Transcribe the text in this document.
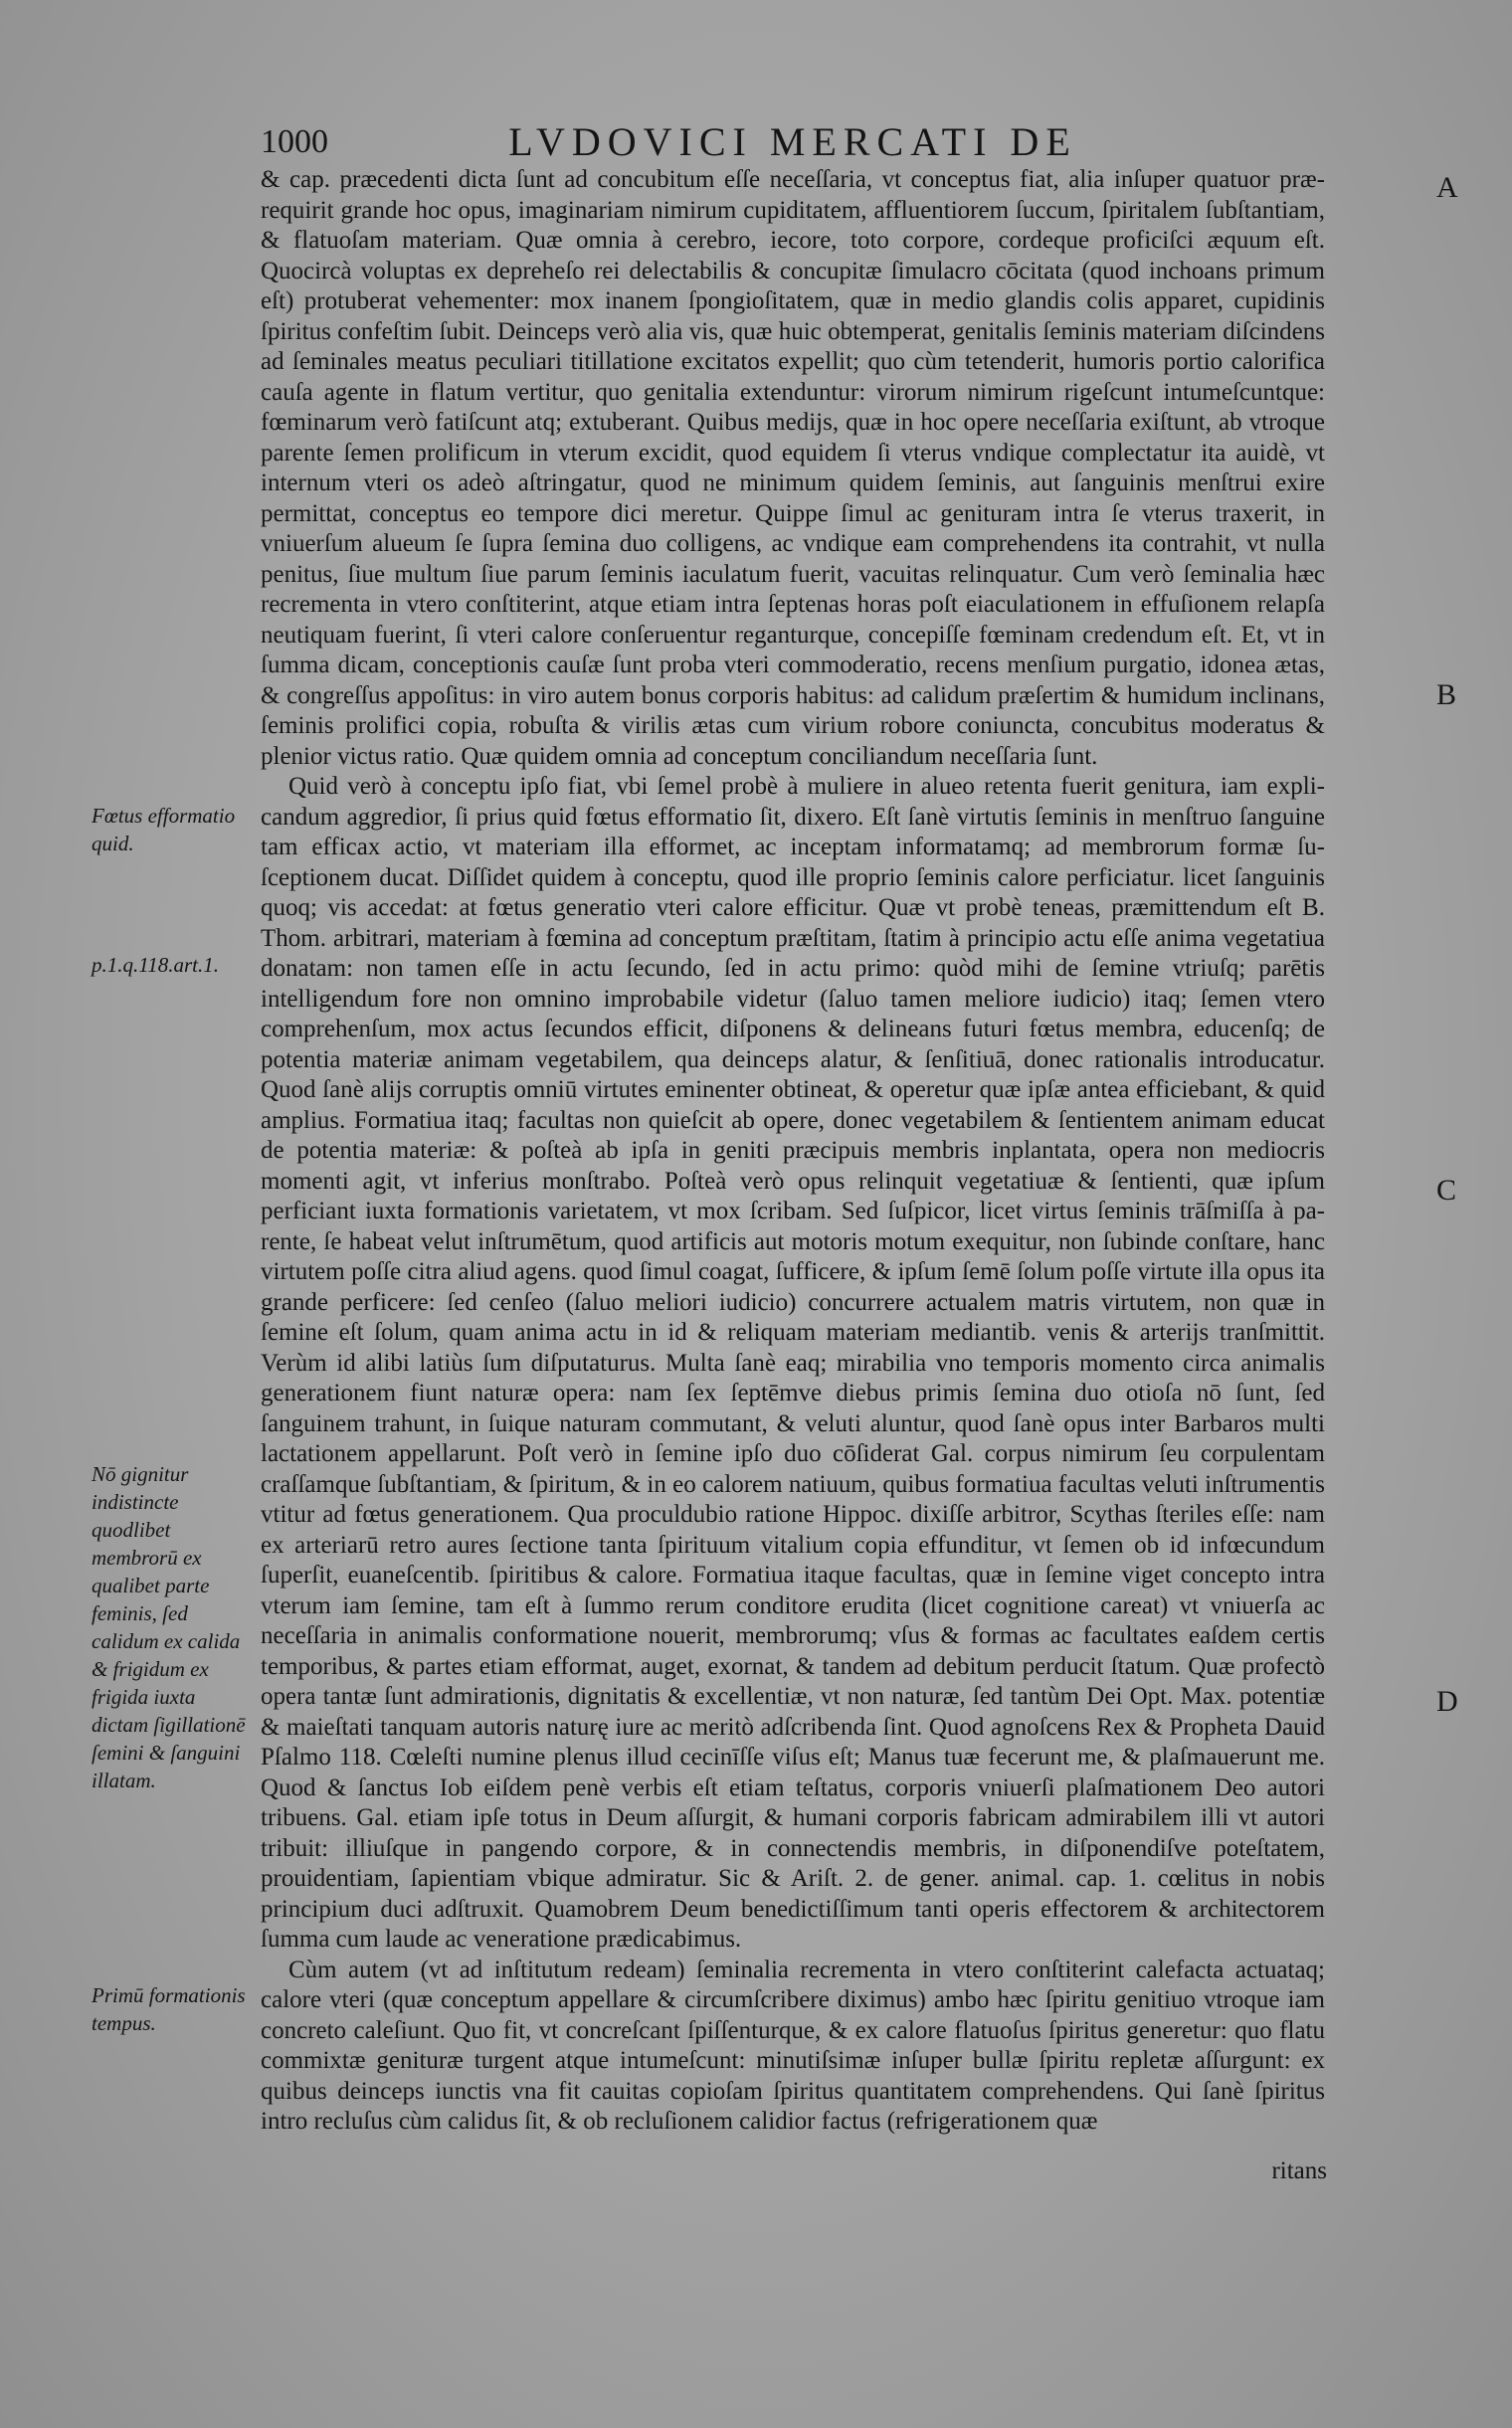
1000	LVDOVICI MERCATI DE
Fœtus efformatio quid.
p.1.q.118.art.1.
Nō gignitur indistincte quodlibet membrorū ex qualibet parte feminis, ſed calidum ex calida & frigidum ex frigida iuxta dictam ſigillationē ſemini & ſanguini illatam.
Primū formationis tempus.
A
B
C
D

& cap. præcedenti dicta ſunt ad concubitum eſſe neceſſaria, vt conceptus fiat, alia inſuper quatuor prærequirit grande hoc opus, imaginariam nimirum cupiditatem, affluentiorem ſuccum, ſpiritalem ſubſtantiam, & flatuoſam materiam. Quæ omnia à cerebro, iecore, toto corpore, cordeque proficiſci æquum eſt. Quocircà voluptas ex depreheſo rei delectabilis & concupitæ ſimulacro cōcitata (quod inchoans primum eſt) protuberat vehementer: mox inanem ſpongioſitatem, quæ in medio glandis colis apparet, cupidinis ſpiritus confeſtim ſubit. Deinceps verò alia vis, quæ huic obtemperat, genitalis ſeminis materiam diſcindens ad ſeminales meatus peculiari titillatione excitatos expellit; quo cùm tetenderit, humoris portio calorifica cauſa agente in flatum vertitur, quo genitalia extenduntur: virorum nimirum rigeſcunt intumeſcuntque: fœminarum verò fatiſcunt atq; extuberant. Quibus medijs, quæ in hoc opere neceſſaria exiſtunt, ab vtroque parente ſemen prolificum in vterum excidit, quod equidem ſi vterus vndique complectatur ita auidè, vt internum vteri os adeò aſtringatur, quod ne minimum quidem ſeminis, aut ſanguinis menſtrui exire permittat, conceptus eo tempore dici meretur. Quippe ſimul ac genituram intra ſe vterus traxerit, in vniuerſum alueum ſe ſupra ſemina duo colligens, ac vndique eam comprehendens ita contrahit, vt nulla penitus, ſiue multum ſiue parum ſeminis iaculatum fuerit, vacuitas relinquatur. Cum verò ſeminalia hæc recrementa in vtero conſtiterint, atque etiam intra ſeptenas horas poſt eiaculationem in effuſionem relapſa neutiquam fuerint, ſi vteri calore conſeruentur reganturque, concepiſſe fœminam credendum eſt. Et, vt in ſumma dicam, conceptionis cauſæ ſunt proba vteri commoderatio, recens menſium purgatio, idonea ætas, & congreſſus appoſitus: in viro autem bonus corporis habitus: ad calidum præſertim & humidum inclinans, ſeminis prolifici copia, robuſta & virilis ætas cum virium robore coniuncta, concubitus moderatus & plenior victus ratio. Quæ quidem omnia ad conceptum conciliandum neceſſaria ſunt.

Quid verò à conceptu ipſo fiat, vbi ſemel probè à muliere in alueo retenta fuerit genitura, iam explicandum aggredior, ſi prius quid fœtus efformatio ſit, dixero. Eſt ſanè virtutis ſeminis in menſtruo ſanguine tam efficax actio, vt materiam illa efformet, ac inceptam informatamq; ad membrorum formæ ſuſceptionem ducat. Diſſidet quidem à conceptu, quod ille proprio ſeminis calore perficiatur. licet ſanguinis quoq; vis accedat: at fœtus generatio vteri calore efficitur. Quæ vt probè teneas, præmittendum eſt B. Thom. arbitrari, materiam à fœmina ad conceptum præſtitam, ſtatim à principio actu eſſe anima vegetatiua donatam: non tamen eſſe in actu ſecundo, ſed in actu primo: quòd mihi de ſemine vtriuſq; parētis intelligendum fore non omnino improbabile videtur (ſaluo tamen meliore iudicio) itaq; ſemen vtero comprehenſum, mox actus ſecundos efficit, diſponens & delineans futuri fœtus membra, educenſq; de potentia materiæ animam vegetabilem, qua deinceps alatur, & ſenſitiuā, donec rationalis introducatur. Quod ſanè alijs corruptis omniū virtutes eminenter obtineat, & operetur quæ ipſæ antea efficiebant, & quid amplius. Formatiua itaq; facultas non quieſcit ab opere, donec vegetabilem & ſentientem animam educat de potentia materiæ: & poſteà ab ipſa in geniti præcipuis membris inplantata, opera non mediocris momenti agit, vt inferius monſtrabo. Poſteà verò opus relinquit vegetatiuæ & ſentienti, quæ ipſum perficiant iuxta formationis varietatem, vt mox ſcribam. Sed ſuſpicor, licet virtus ſeminis trāſmiſſa à parente, ſe habeat velut inſtrumētum, quod artificis aut motoris motum exequitur, non ſubinde conſtare, hanc virtutem poſſe citra aliud agens. quod ſimul coagat, ſufficere, & ipſum ſemē ſolum poſſe virtute illa opus ita grande perficere: ſed cenſeo (ſaluo meliori iudicio) concurrere actualem matris virtutem, non quæ in ſemine eſt ſolum, quam anima actu in id & reliquam materiam mediantib. venis & arterijs tranſmittit. Verùm id alibi latiùs ſum diſputaturus. Multa ſanè eaq; mirabilia vno temporis momento circa animalis generationem fiunt naturæ opera: nam ſex ſeptēmve diebus primis ſemina duo otioſa nō ſunt, ſed ſanguinem trahunt, in ſuique naturam commutant, & veluti aluntur, quod ſanè opus inter Barbaros multi lactationem appellarunt. Poſt verò in ſemine ipſo duo cōſiderat Gal. corpus nimirum ſeu corpulentam craſſamque ſubſtantiam, & ſpiritum, & in eo calorem natiuum, quibus formatiua facultas veluti inſtrumentis vtitur ad fœtus generationem. Qua proculdubio ratione Hippoc. dixiſſe arbitror, Scythas ſteriles eſſe: nam ex arteriarū retro aures ſectione tanta ſpirituum vitalium copia effunditur, vt ſemen ob id infœcundum ſuperſit, euaneſcentib. ſpiritibus & calore. Formatiua itaque facultas, quæ in ſemine viget concepto intra vterum iam ſemine, tam eſt à ſummo rerum conditore erudita (licet cognitione careat) vt vniuerſa ac neceſſaria in animalis conformatione nouerit, membrorumq; vſus & formas ac facultates eaſdem certis temporibus, & partes etiam efformat, auget, exornat, & tandem ad debitum perducit ſtatum. Quæ profectò opera tantæ ſunt admirationis, dignitatis & excellentiæ, vt non naturæ, ſed tantùm Dei Opt. Max. potentiæ & maieſtati tanquam autoris naturę iure ac meritò adſcribenda ſint. Quod agnoſcens Rex & Propheta Dauid Pſalmo 118. Cœleſti numine plenus illud cecinīſſe viſus eſt; Manus tuæ fecerunt me, & plaſmauerunt me. Quod & ſanctus Iob eiſdem penè verbis eſt etiam teſtatus, corporis vniuerſi plaſmationem Deo autori tribuens. Gal. etiam ipſe totus in Deum aſſurgit, & humani corporis fabricam admirabilem illi vt autori tribuit: illiuſque in pangendo corpore, & in connectendis membris, in diſponendiſve poteſtatem, prouidentiam, ſapientiam vbique admiratur. Sic & Ariſt. 2. de gener. animal. cap. 1. cœlitus in nobis principium duci adſtruxit. Quamobrem Deum benedictiſſimum tanti operis effectorem & architectorem ſumma cum laude ac veneratione prædicabimus.

Cùm autem (vt ad inſtitutum redeam) ſeminalia recrementa in vtero conſtiterint calefacta actuataq; calore vteri (quæ conceptum appellare & circumſcribere diximus) ambo hæc ſpiritu genitiuo vtroque iam concreto caleſiunt. Quo fit, vt concreſcant ſpiſſenturque, & ex calore flatuoſus ſpiritus generetur: quo flatu commixtæ genituræ turgent atque intumeſcunt: minutiſsimæ inſuper bullæ ſpiritu repletæ aſſurgunt: ex quibus deinceps iunctis vna fit cauitas copioſam ſpiritus quantitatem comprehendens. Qui ſanè ſpiritus intro recluſus cùm calidus ſit, & ob recluſionem calidior factus (refrigerationem quæ

ritans
